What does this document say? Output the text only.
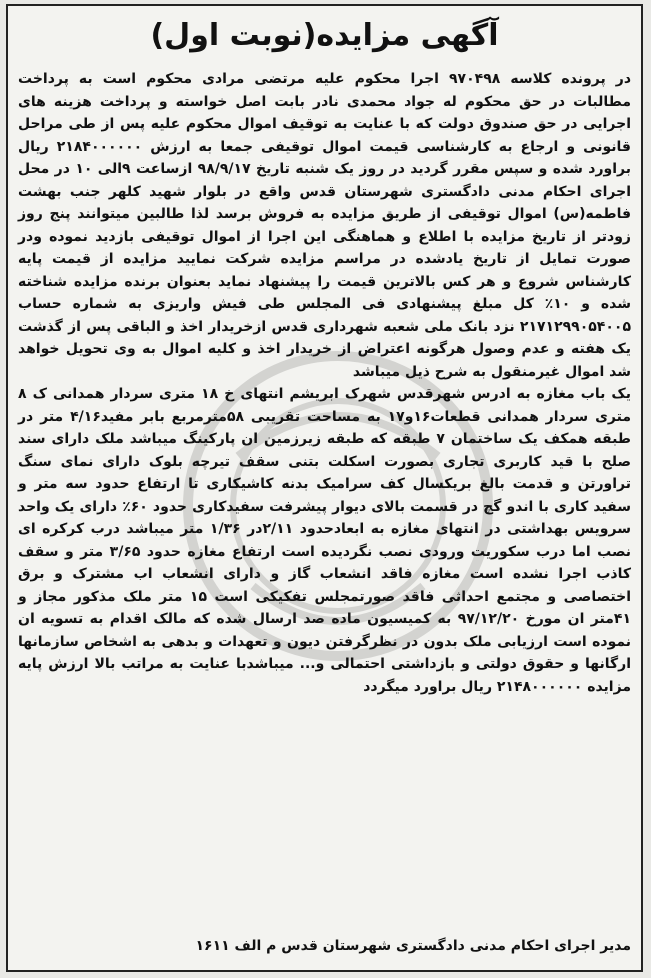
آگهی مزایده(نوبت اول)

در پرونده کلاسه ۹۷۰۴۹۸ اجرا محکوم علیه مرتضی مرادی محکوم است به پرداخت مطالبات در حق محکوم له جواد محمدی نادر بابت اصل خواسته و پرداخت هزینه های اجرایی در حق صندوق دولت که با عنایت به توقیف اموال محکوم علیه پس از طی مراحل قانونی و ارجاع به کارشناسی قیمت اموال توقیفی جمعا به ارزش ۲۱۸۴۰۰۰۰۰۰ ریال براورد شده و سپس مقرر گردید در روز یک شنبه تاریخ ۹۸/۹/۱۷ ازساعت ۹الی ۱۰ در محل اجرای احکام مدنی دادگستری شهرستان قدس واقع در بلوار شهید کلهر جنب بهشت فاطمه(س) اموال توقیفی از طریق مزایده به فروش برسد لذا طالبین میتوانند پنج روز زودتر از تاریخ مزایده با اطلاع و هماهنگی این اجرا از اموال توقیفی بازدید نموده ودر صورت تمایل از تاریخ یادشده در مراسم مزایده شرکت نمایید مزایده از قیمت پایه کارشناس شروع و هر کس بالاترین قیمت را پیشنهاد نماید بعنوان برنده مزایده شناخته شده و ۱۰٪ کل مبلغ پیشنهادی فی المجلس طی فیش واریزی به شماره حساب ۲۱۷۱۲۹۹۰۵۴۰۰۵ نزد بانک ملی شعبه شهرداری قدس ازخریدار اخذ و الباقی پس از گذشت یک هفته و عدم وصول هرگونه اعتراض از خریدار اخذ و کلیه اموال به وی تحویل خواهد شد اموال غیرمنقول به شرح ذیل میباشد

یک باب مغازه به ادرس شهرقدس شهرک ابریشم انتهای خ ۱۸ متری سردار همدانی ک ۸ متری سردار همدانی قطعات۱۶و۱۷ به مساحت تقریبی ۵۸مترمربع بابر مفید۴/۱۶ متر در طبقه همکف یک ساختمان ۷ طبقه که طبقه زیرزمین ان پارکینگ میباشد ملک دارای سند صلح با قید کاربری تجاری بصورت اسکلت بتنی سقف تیرچه بلوک دارای نمای سنگ تراورتن و قدمت بالغ بریکسال کف سرامیک بدنه کاشیکاری تا ارتفاع حدود سه متر و سفید کاری با اندو گچ در قسمت بالای دیوار پیشرفت سفیدکاری حدود ۶۰٪ دارای یک واحد سرویس بهداشتی در انتهای مغازه به ابعادحدود ۲/۱۱در ۱/۳۶ متر میباشد درب کرکره ای نصب اما درب سکوریت ورودی نصب نگردیده است ارتفاع مغازه حدود ۳/۶۵ متر و سقف کاذب اجرا نشده است مغازه فاقد انشعاب گاز و دارای انشعاب اب مشترک و برق اختصاصی و مجتمع احداثی فاقد صورتمجلس تفکیکی است ۱۵ متر ملک مذکور مجاز و ۴۱متر ان مورخ ۹۷/۱۲/۲۰ به کمیسیون ماده صد ارسال شده که مالک اقدام به تسویه ان نموده است ارزیابی ملک بدون در نظرگرفتن دیون و تعهدات و بدهی به اشخاص سازمانها ارگانها و حقوق دولتی و بازداشتی احتمالی و... میباشدبا عنایت به مراتب بالا ارزش پایه مزایده ۲۱۴۸۰۰۰۰۰۰ ریال براورد میگردد

مدیر اجرای احکام مدنی دادگستری شهرستان قدس م الف ۱۶۱۱
